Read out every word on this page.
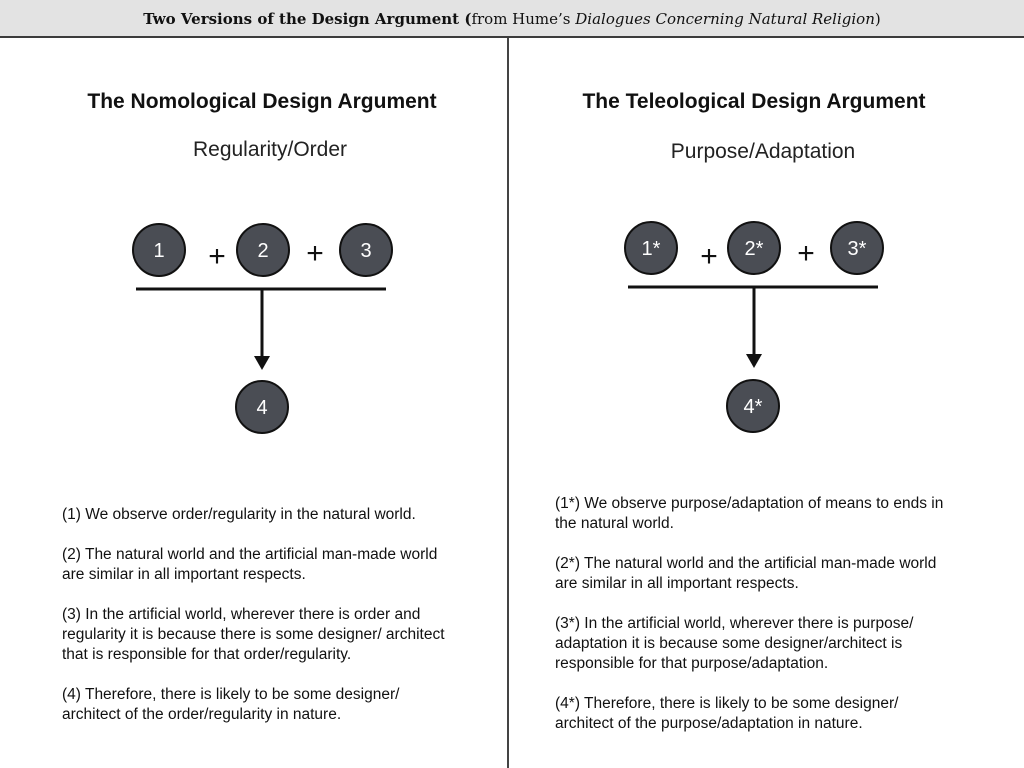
Two Versions of the Design Argument (from Hume’s Dialogues Concerning Natural Religion)
The Nomological Design Argument
Regularity/Order
The Teleological Design Argument
Purpose/Adaptation
1 + 2 + 3
4
1* + 2* + 3*
4*

(1) We observe order/regularity in the natural world.

(2) The natural world and the artificial man-made world are similar in all important respects.

(3) In the artificial world, wherever there is order and regularity it is because there is some designer/ architect that is responsible for that order/regularity.

(4) Therefore, there is likely to be some designer/ architect of the order/regularity in nature.

(1*) We observe purpose/adaptation of means to ends in the natural world.

(2*) The natural world and the artificial man-made world are similar in all important respects.

(3*) In the artificial world, wherever there is purpose/ adaptation it is because some designer/architect is responsible for that purpose/adaptation.

(4*) Therefore, there is likely to be some designer/ architect of the purpose/adaptation in nature.
